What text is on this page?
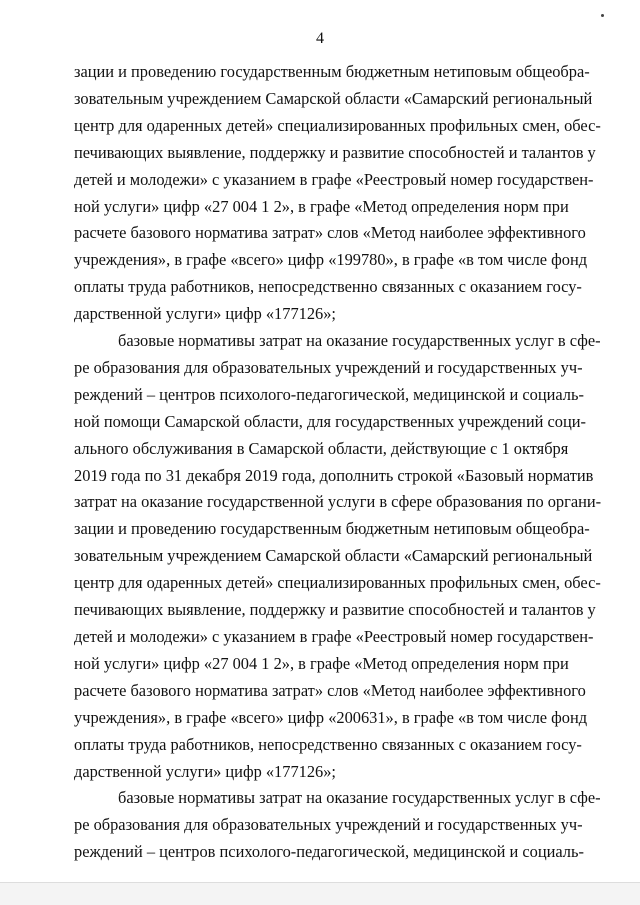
4
зации и проведению государственным бюджетным нетиповым общеобра-
зовательным учреждением Самарской области «Самарский региональный
центр для одаренных детей» специализированных профильных смен, обес-
печивающих выявление, поддержку и развитие способностей и талантов у
детей и молодежи» с указанием в графе «Реестровый номер государствен-
ной услуги» цифр «27 004 1 2», в графе «Метод определения норм при
расчете базового норматива затрат» слов «Метод наиболее эффективного
учреждения», в графе «всего» цифр «199780», в графе «в том числе фонд
оплаты труда работников, непосредственно связанных с оказанием госу-
дарственной услуги» цифр «177126»;
базовые нормативы затрат на оказание государственных услуг в сфе-
ре образования для образовательных учреждений и государственных уч-
реждений – центров психолого-педагогической, медицинской и социаль-
ной помощи Самарской области, для государственных учреждений соци-
ального обслуживания в Самарской области, действующие с 1 октября
2019 года по 31 декабря 2019 года, дополнить строкой «Базовый норматив
затрат на оказание государственной услуги в сфере образования по органи-
зации и проведению государственным бюджетным нетиповым общеобра-
зовательным учреждением Самарской области «Самарский региональный
центр для одаренных детей» специализированных профильных смен, обес-
печивающих выявление, поддержку и развитие способностей и талантов у
детей и молодежи» с указанием в графе «Реестровый номер государствен-
ной услуги» цифр «27 004 1 2», в графе «Метод определения норм при
расчете базового норматива затрат» слов «Метод наиболее эффективного
учреждения», в графе «всего» цифр «200631», в графе «в том числе фонд
оплаты труда работников, непосредственно связанных с оказанием госу-
дарственной услуги» цифр «177126»;
базовые нормативы затрат на оказание государственных услуг в сфе-
ре образования для образовательных учреждений и государственных уч-
реждений – центров психолого-педагогической, медицинской и социаль-
